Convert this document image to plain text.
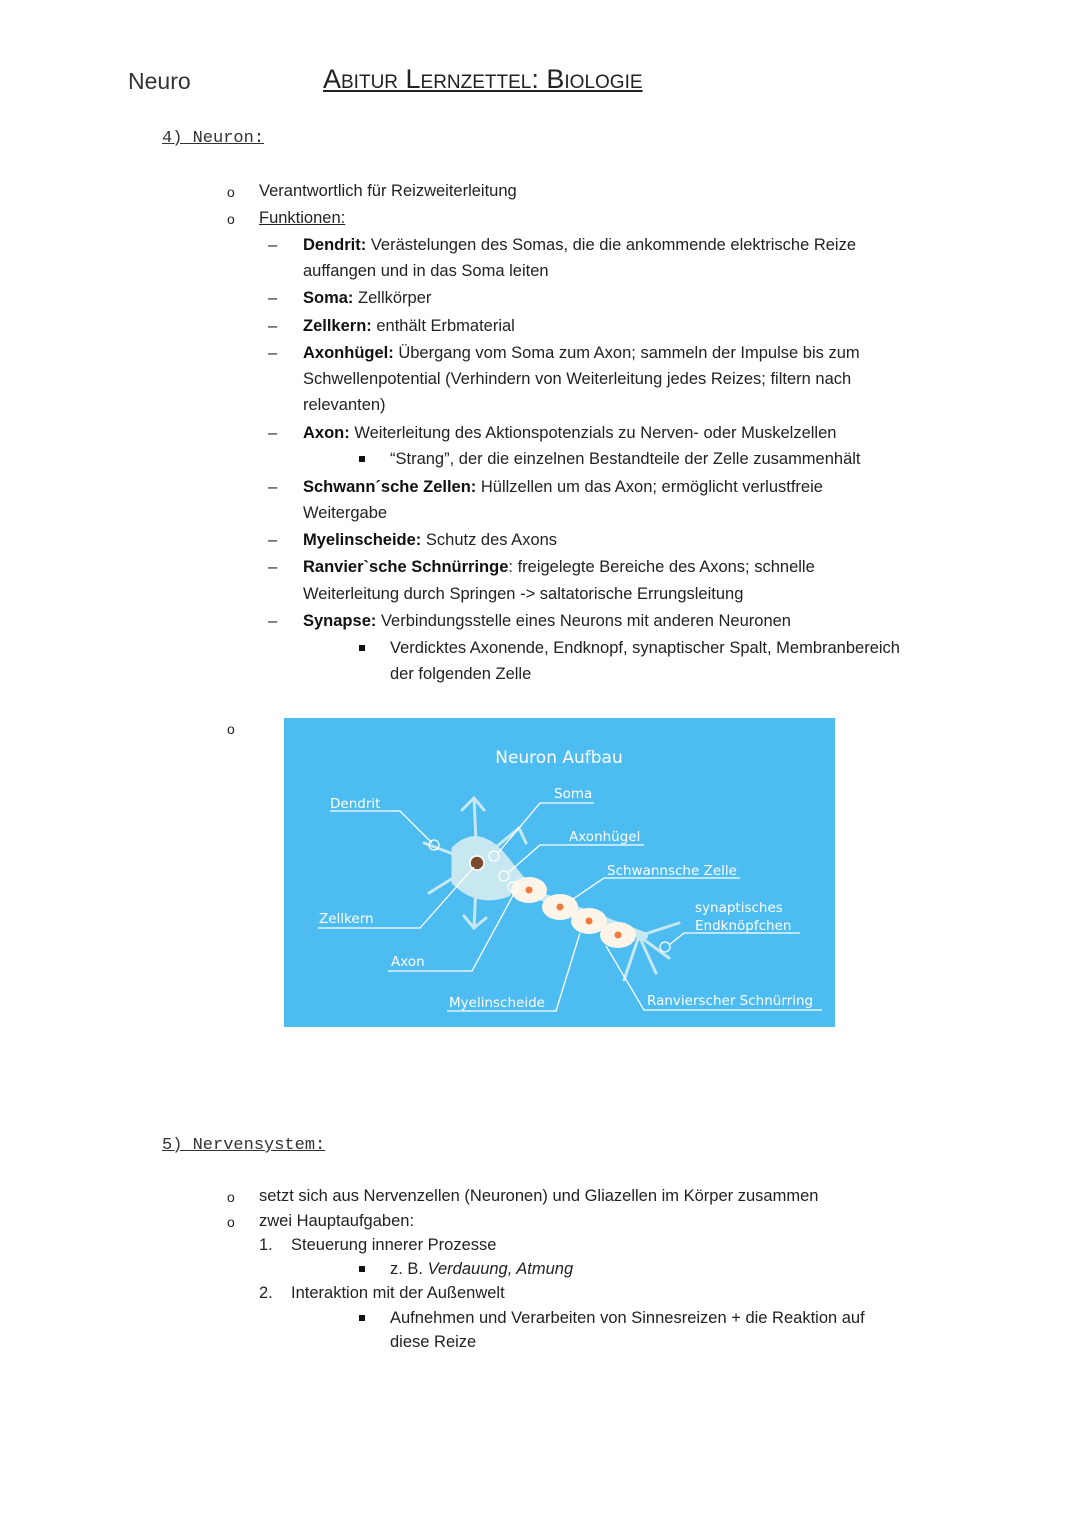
Neuro	Abitur Lernzettel: Biologie
4) Neuron:
o Verantwortlich für Reizweiterleitung
o Funktionen:
– Dendrit: Verästelungen des Somas, die die ankommende elektrische Reize
auffangen und in das Soma leiten
– Soma: Zellkörper
– Zellkern: enthält Erbmaterial
– Axonhügel: Übergang vom Soma zum Axon; sammeln der Impulse bis zum
Schwellenpotential (Verhindern von Weiterleitung jedes Reizes; filtern nach
relevanten)
– Axon: Weiterleitung des Aktionspotenzials zu Nerven- oder Muskelzellen
“Strang”, der die einzelnen Bestandteile der Zelle zusammenhält
– Schwann´sche Zellen: Hüllzellen um das Axon; ermöglicht verlustfreie
Weitergabe
– Myelinscheide: Schutz des Axons
– Ranvier`sche Schnürringe: freigelegte Bereiche des Axons; schnelle
Weiterleitung durch Springen -> saltatorische Errungsleitung
– Synapse: Verbindungsstelle eines Neurons mit anderen Neuronen
Verdicktes Axonende, Endknopf, synaptischer Spalt, Membranbereich
der folgenden Zelle
o
Neuron Aufbau
Dendrit
Soma
Axonhügel
Schwannsche Zelle
synaptisches
Endknöpfchen
Zellkern
Axon
Myelinscheide	Ranvierscher Schnürring
5) Nervensystem:
o setzt sich aus Nervenzellen (Neuronen) und Gliazellen im Körper zusammen
o zwei Hauptaufgaben:
1. Steuerung innerer Prozesse
z. B. Verdauung, Atmung
2. Interaktion mit der Außenwelt
Aufnehmen und Verarbeiten von Sinnesreizen + die Reaktion auf
diese Reize
